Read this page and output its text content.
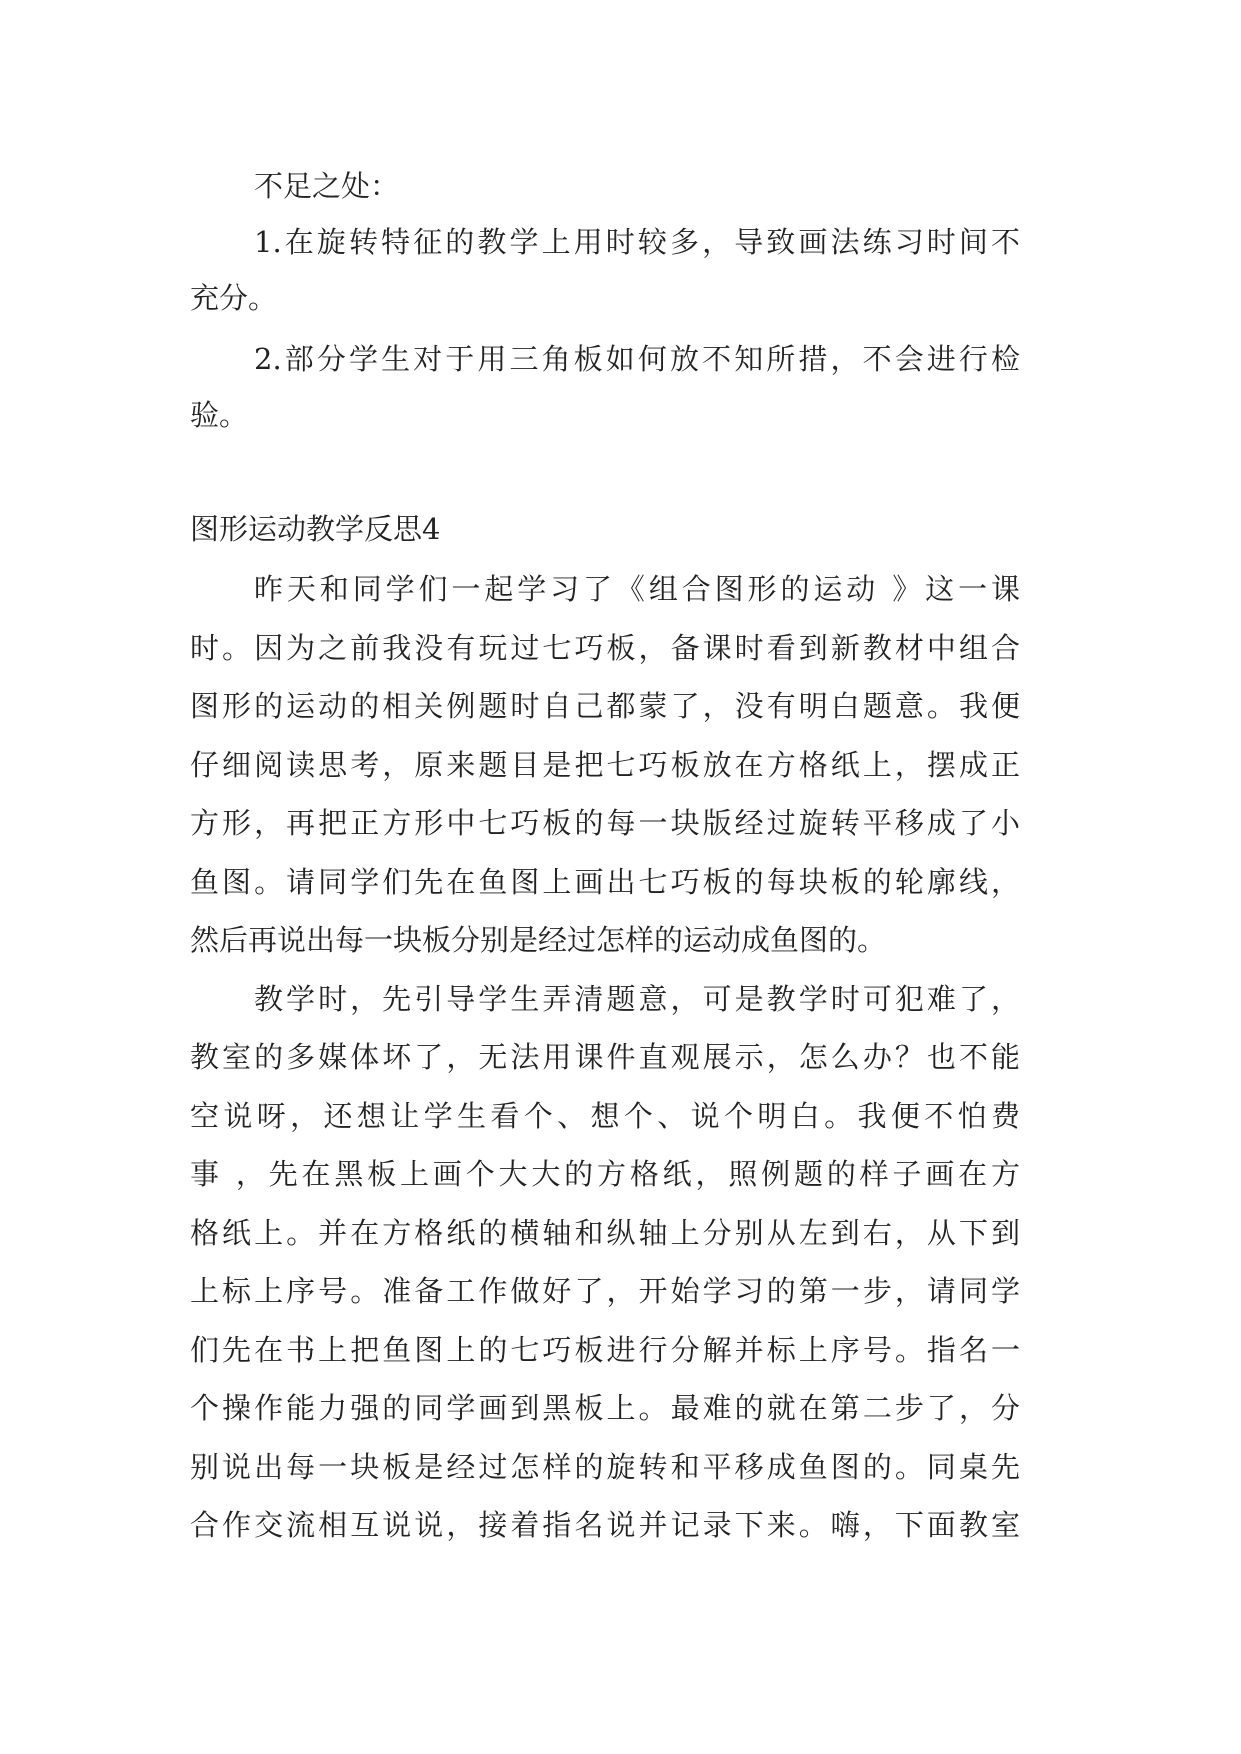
不足之处：
1.在旋转特征的教学上用时较多，导致画法练习时间不
充分。
2.部分学生对于用三角板如何放不知所措，不会进行检
验。
图形运动教学反思4
昨天和同学们一起学习了《组合图形的运动 》这一课
时。因为之前我没有玩过七巧板，备课时看到新教材中组合
图形的运动的相关例题时自己都蒙了，没有明白题意。我便
仔细阅读思考，原来题目是把七巧板放在方格纸上，摆成正
方形，再把正方形中七巧板的每一块版经过旋转平移成了小
鱼图。请同学们先在鱼图上画出七巧板的每块板的轮廓线，
然后再说出每一块板分别是经过怎样的运动成鱼图的。
教学时，先引导学生弄清题意，可是教学时可犯难了，
教室的多媒体坏了，无法用课件直观展示，怎么办？也不能
空说呀，还想让学生看个、想个、说个明白。我便不怕费
事 ，先在黑板上画个大大的方格纸，照例题的样子画在方
格纸上。并在方格纸的横轴和纵轴上分别从左到右，从下到
上标上序号。准备工作做好了，开始学习的第一步，请同学
们先在书上把鱼图上的七巧板进行分解并标上序号。指名一
个操作能力强的同学画到黑板上。最难的就在第二步了，分
别说出每一块板是经过怎样的旋转和平移成鱼图的。同桌先
合作交流相互说说，接着指名说并记录下来。嗨，下面教室
